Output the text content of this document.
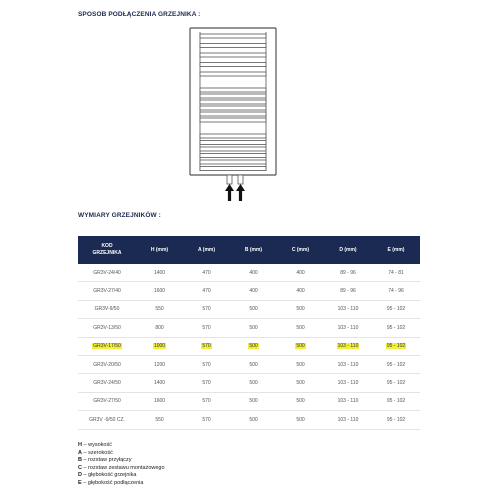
SPOSOB PODŁĄCZENIA GRZEJNIKA :
WYMIARY GRZEJNIKÓW :
KOD
GRZEJNIKA	H (mm)	A (mm)	B (mm)	C (mm)	D (mm)	E (mm)

GR3V-24/40	1400	470	400	400	89 - 96	74 - 81
GR3V-27/40	1600	470	400	400	89 - 96	74 - 96
GR3V-9/50	550	570	500	500	103 - 110	95 - 102
GR3V-13/50	800	570	500	500	103 - 110	95 - 102
GR3V-17/50	1000	570	500	500	103 - 110	95 - 102
GR3V-20/50	1200	570	500	500	103 - 110	95 - 102
GR3V-24/50	1400	570	500	500	103 - 110	95 - 102
GR3V-27/50	1600	570	500	500	103 - 110	95 - 102
GR3V -9/50 CZ.	550	570	500	500	103 - 110	95 - 102
H – wysokość
A – szerokość
B – rozstaw przyłączy
C – rozstaw zestawu montażowego
D – głębokość grzejnika
E – głębokość podłączenia
